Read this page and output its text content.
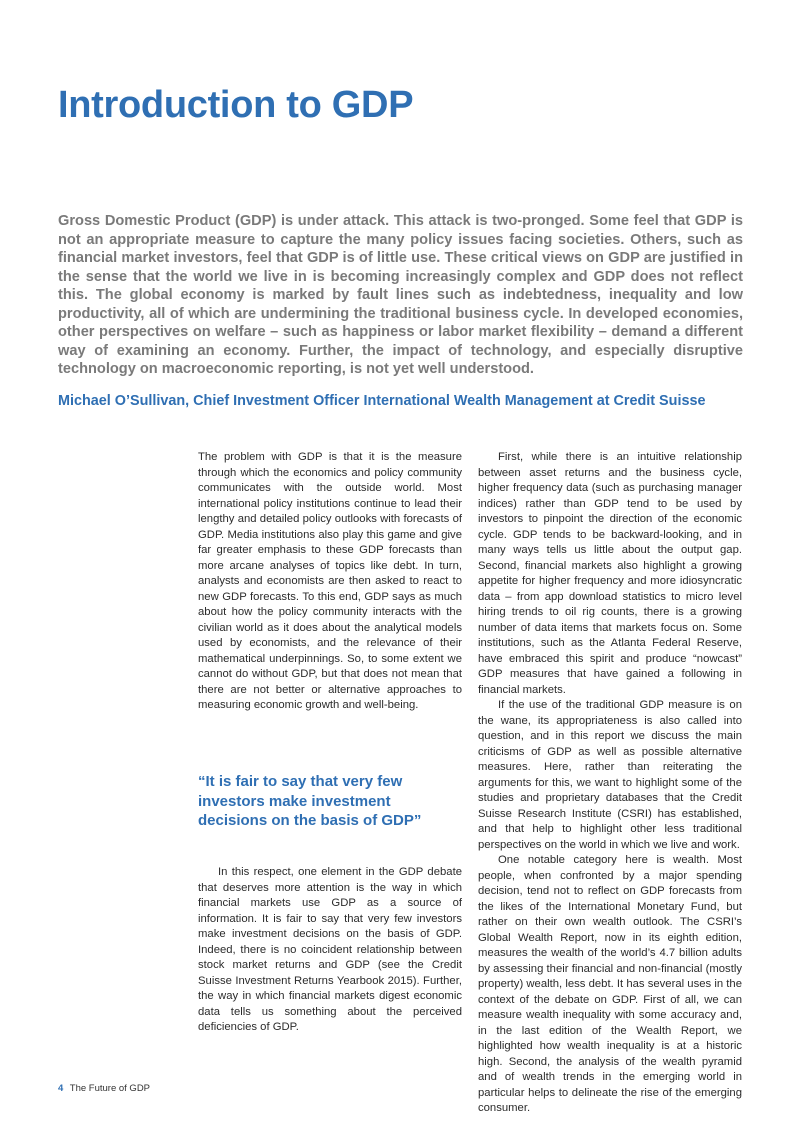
Introduction to GDP

Gross Domestic Product (GDP) is under attack. This attack is two-pronged. Some feel that GDP is not an appropriate measure to capture the many policy issues facing societies. Others, such as financial market investors, feel that GDP is of little use. These critical views on GDP are justified in the sense that the world we live in is becoming increasingly complex and GDP does not reflect this. The global economy is marked by fault lines such as indebtedness, inequality and low productivity, all of which are undermining the traditional business cycle. In developed economies, other perspectives on welfare – such as happiness or labor market flexibility – demand a different way of examining an economy. Further, the impact of technology, and especially disruptive technology on macroeconomic reporting, is not yet well understood.

Michael O’Sullivan, Chief Investment Officer International Wealth Management at Credit Suisse

The problem with GDP is that it is the measure through which the economics and policy community communicates with the outside world. Most international policy institutions continue to lead their lengthy and detailed policy outlooks with forecasts of GDP. Media institutions also play this game and give far greater emphasis to these GDP forecasts than more arcane analyses of topics like debt. In turn, analysts and economists are then asked to react to new GDP forecasts. To this end, GDP says as much about how the policy community interacts with the civilian world as it does about the analytical models used by economists, and the relevance of their mathematical underpinnings. So, to some extent we cannot do without GDP, but that does not mean that there are not better or alternative approaches to measuring economic growth and well-being.

“It is fair to say that very few investors make investment decisions on the basis of GDP”

In this respect, one element in the GDP debate that deserves more attention is the way in which financial markets use GDP as a source of information. It is fair to say that very few investors make investment decisions on the basis of GDP. Indeed, there is no coincident relationship between stock market returns and GDP (see the Credit Suisse Investment Returns Yearbook 2015). Further, the way in which financial markets digest economic data tells us something about the perceived deficiencies of GDP.

First, while there is an intuitive relationship between asset returns and the business cycle, higher frequency data (such as purchasing manager indices) rather than GDP tend to be used by investors to pinpoint the direction of the economic cycle. GDP tends to be backward-looking, and in many ways tells us little about the output gap. Second, financial markets also highlight a growing appetite for higher frequency and more idiosyncratic data – from app download statistics to micro level hiring trends to oil rig counts, there is a growing number of data items that markets focus on. Some institutions, such as the Atlanta Federal Reserve, have embraced this spirit and produce “nowcast” GDP measures that have gained a following in financial markets.

If the use of the traditional GDP measure is on the wane, its appropriateness is also called into question, and in this report we discuss the main criticisms of GDP as well as possible alternative measures. Here, rather than reiterating the arguments for this, we want to highlight some of the studies and proprietary databases that the Credit Suisse Research Institute (CSRI) has established, and that help to highlight other less traditional perspectives on the world in which we live and work.

One notable category here is wealth. Most people, when confronted by a major spending decision, tend not to reflect on GDP forecasts from the likes of the International Monetary Fund, but rather on their own wealth outlook. The CSRI’s Global Wealth Report, now in its eighth edition, measures the wealth of the world’s 4.7 billion adults by assessing their financial and non-financial (mostly property) wealth, less debt. It has several uses in the context of the debate on GDP. First of all, we can measure wealth inequality with some accuracy and, in the last edition of the Wealth Report, we highlighted how wealth inequality is at a historic high. Second, the analysis of the wealth pyramid and of wealth trends in the emerging world in particular helps to delineate the rise of the emerging consumer.

4 The Future of GDP
